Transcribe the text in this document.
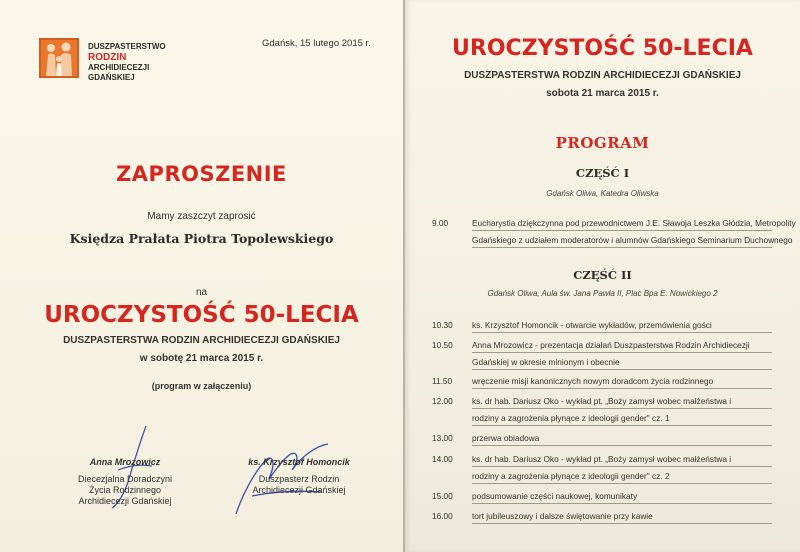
DUSZPASTERSTWO
RODZIN
ARCHIDIECEZJI
GDAŃSKIEJ
Gdańsk, 15 lutego 2015 r.
ZAPROSZENIE
Mamy zaszczyt zaprosić
Księdza Prałata Piotra Topolewskiego
na
UROCZYSTOŚĆ 50-LECIA
DUSZPASTERSTWA RODZIN ARCHIDIECEZJI GDAŃSKIEJ
w sobotę 21 marca 2015 r.
(program w załączeniu)
Anna Mrozowicz
Diecezjalna Doradczyni
Życia Rodzinnego
Archidiecezji Gdańskiej
ks. Krzysztof Homoncik
Duszpasterz Rodzin
Archidiecezji Gdańskiej
UROCZYSTOŚĆ 50-LECIA
DUSZPASTERSTWA RODZIN ARCHIDIECEZJI GDAŃSKIEJ
sobota 21 marca 2015 r.
PROGRAM
CZĘŚĆ I
Gdańsk Oliwa, Katedra Oliwska
CZĘŚĆ II
Gdańsk Oliwa, Aula św. Jana Pawła II, Plac Bpa E. Nowickiego 2
9.00	Eucharystia dziękczynna pod przewodnictwem J.E. Sławoja Leszka Głódzia, Metropolity
Gdańskiego z udziałem moderatorów i alumnów Gdańskiego Seminarium Duchownego
10.30	ks. Krzysztof Homoncik - otwarcie wykładów, przemówienia gości
10.50	Anna Mrozowicz - prezentacja działań Duszpasterstwa Rodzin Archidiecezji
Gdańskiej w okresie minionym i obecnie
11.50	wręczenie misji kanonicznych nowym doradcom życia rodzinnego
12.00	ks. dr hab. Dariusz Oko - wykład pt. „Boży zamysł wobec małżeństwa i
rodziny a zagrożenia płynące z ideologii gender" cz. 1
13.00	przerwa obiadowa
14.00	ks. dr hab. Dariusz Oko - wykład pt. „Boży zamysł wobec małżeństwa i
rodziny a zagrożenia płynące z ideologii gender" cz. 2
15.00	podsumowanie części naukowej, komunikaty
16.00	tort jubileuszowy i dalsze świętowanie przy kawie
